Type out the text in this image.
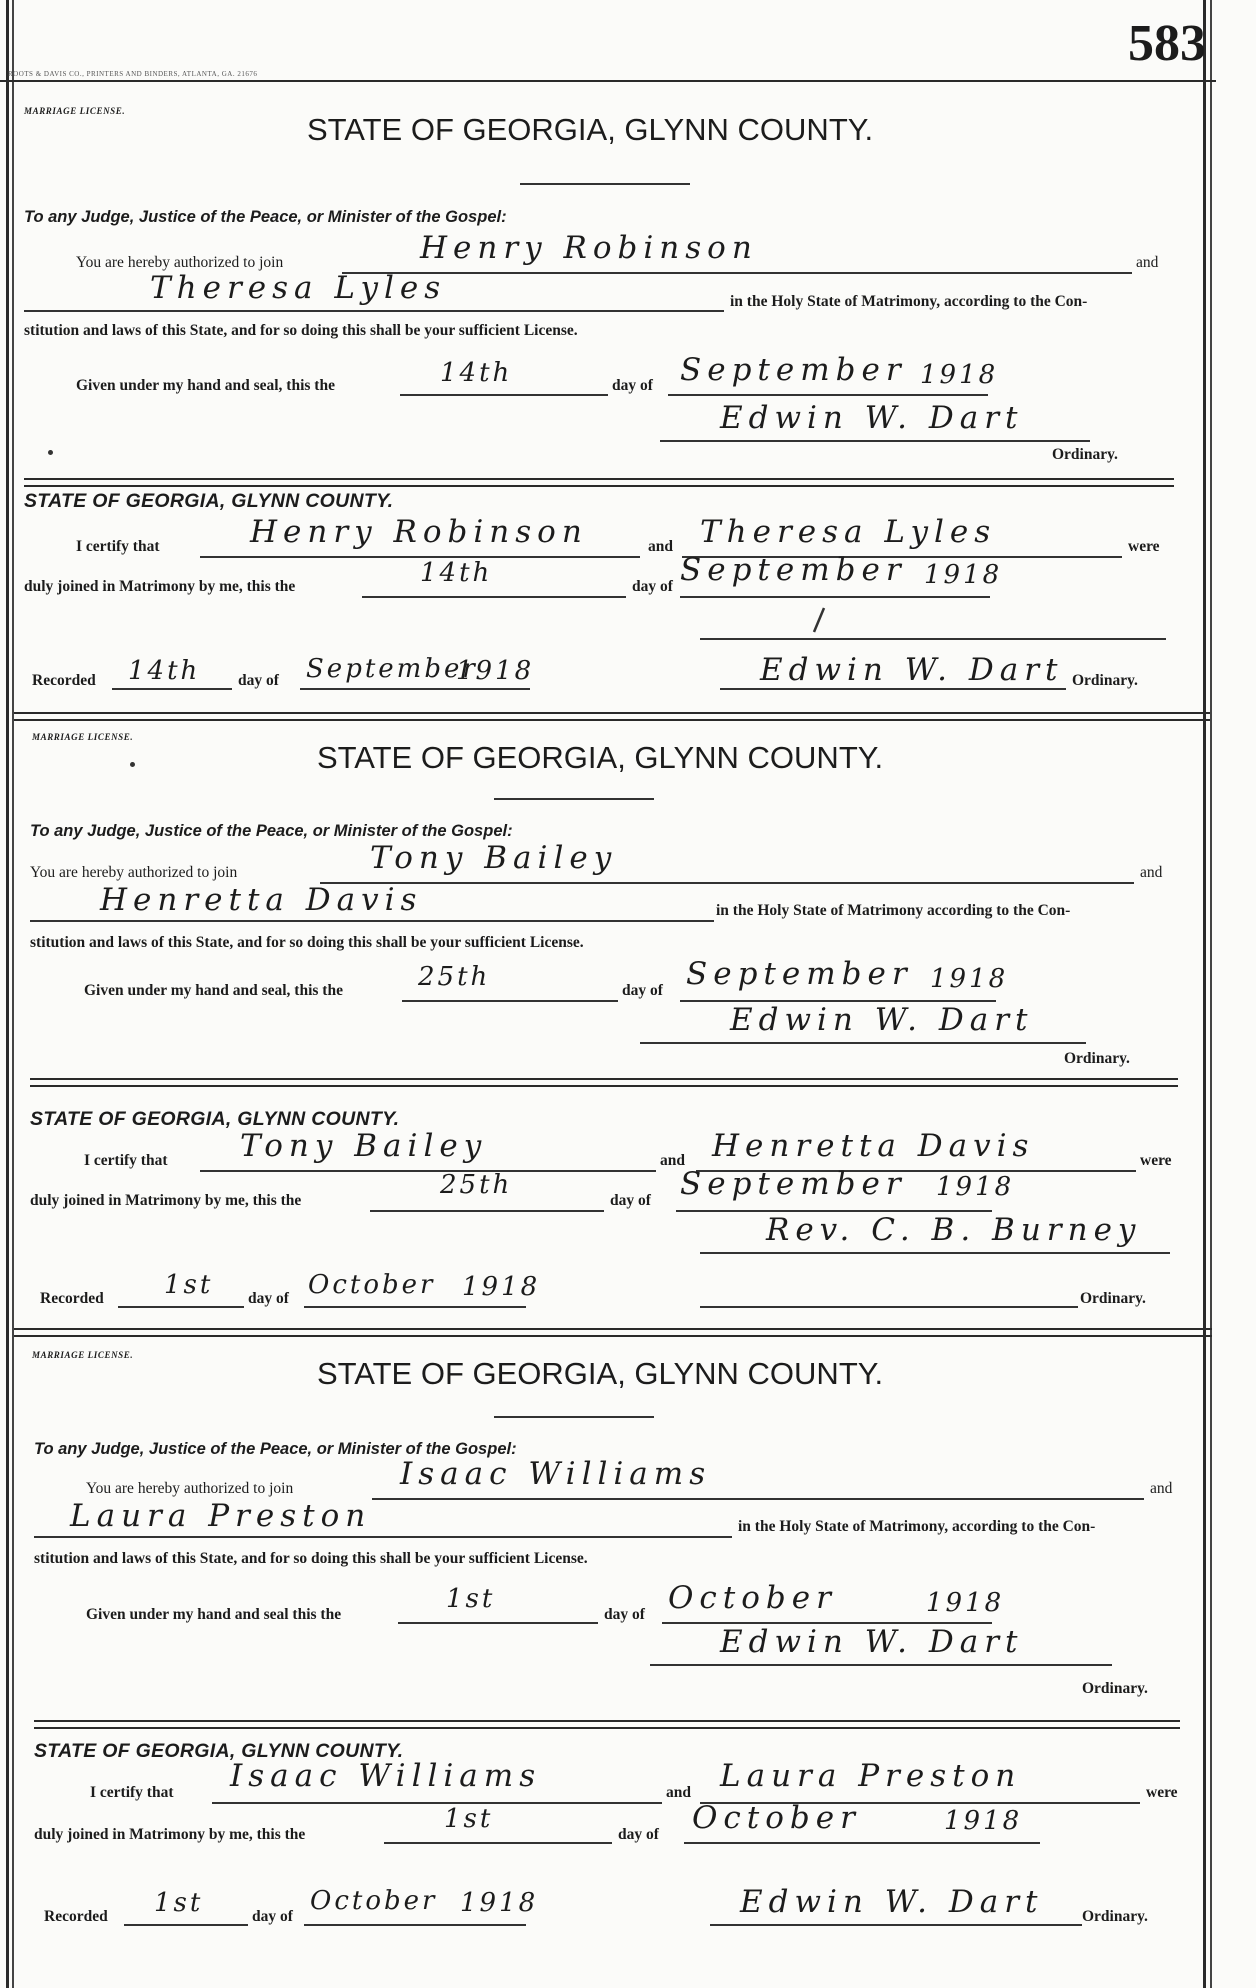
583
ROOTS & DAVIS CO., PRINTERS AND BINDERS, ATLANTA, GA. 21676
MARRIAGE LICENSE.
STATE OF GEORGIA, GLYNN COUNTY.
To any Judge, Justice of the Peace, or Minister of the Gospel:
You are hereby authorized to join	Henry Robinson	and
Theresa Lyles	in the Holy State of Matrimony, according to the Con-
stitution and laws of this State, and for so doing this shall be your sufficient License.
Given under my hand and seal, this the	14th	day of September 1918
Edwin W. Dart
Ordinary.
STATE OF GEORGIA, GLYNN COUNTY.
I certify that	Henry Robinson	and Theresa Lyles	were
duly joined in Matrimony by me, this the	14th	day of September 1918
Recorded 14th day of September
1918	Edwin W. Dart Ordinary.
MARRIAGE LICENSE.
STATE OF GEORGIA, GLYNN COUNTY.
To any Judge, Justice of the Peace, or Minister of the Gospel:
You are hereby authorized to join	Tony Bailey	and
Henretta Davis	in the Holy State of Matrimony according to the Con-
stitution and laws of this State, and for so doing this shall be your sufficient License.
Given under my hand and seal, this the	25th	day of September 1918
Edwin W. Dart
Ordinary.
STATE OF GEORGIA, GLYNN COUNTY.
I certify that Tony Bailey	and Henretta Davis	were
duly joined in Matrimony by me, this the
25th
day of September 1918
Rev. C. B. Burney
Recorded 1st day of October 1918	Ordinary.
MARRIAGE LICENSE.
STATE OF GEORGIA, GLYNN COUNTY.
To any Judge, Justice of the Peace, or Minister of the Gospel:
You are hereby authorized to join	Isaac Williams	and
Laura Preston	in the Holy State of Matrimony, according to the Con-
stitution and laws of this State, and for so doing this shall be your sufficient License.
Given under my hand and seal this the
1st
day of October	1918
Edwin W. Dart
Ordinary.
STATE OF GEORGIA, GLYNN COUNTY.
I certify that Isaac Williams	and Laura Preston	were
duly joined in Matrimony by me, this the
1st
day of October	1918
Recorded 1st	day of
October 1918	Edwin W. Dart Ordinary.
